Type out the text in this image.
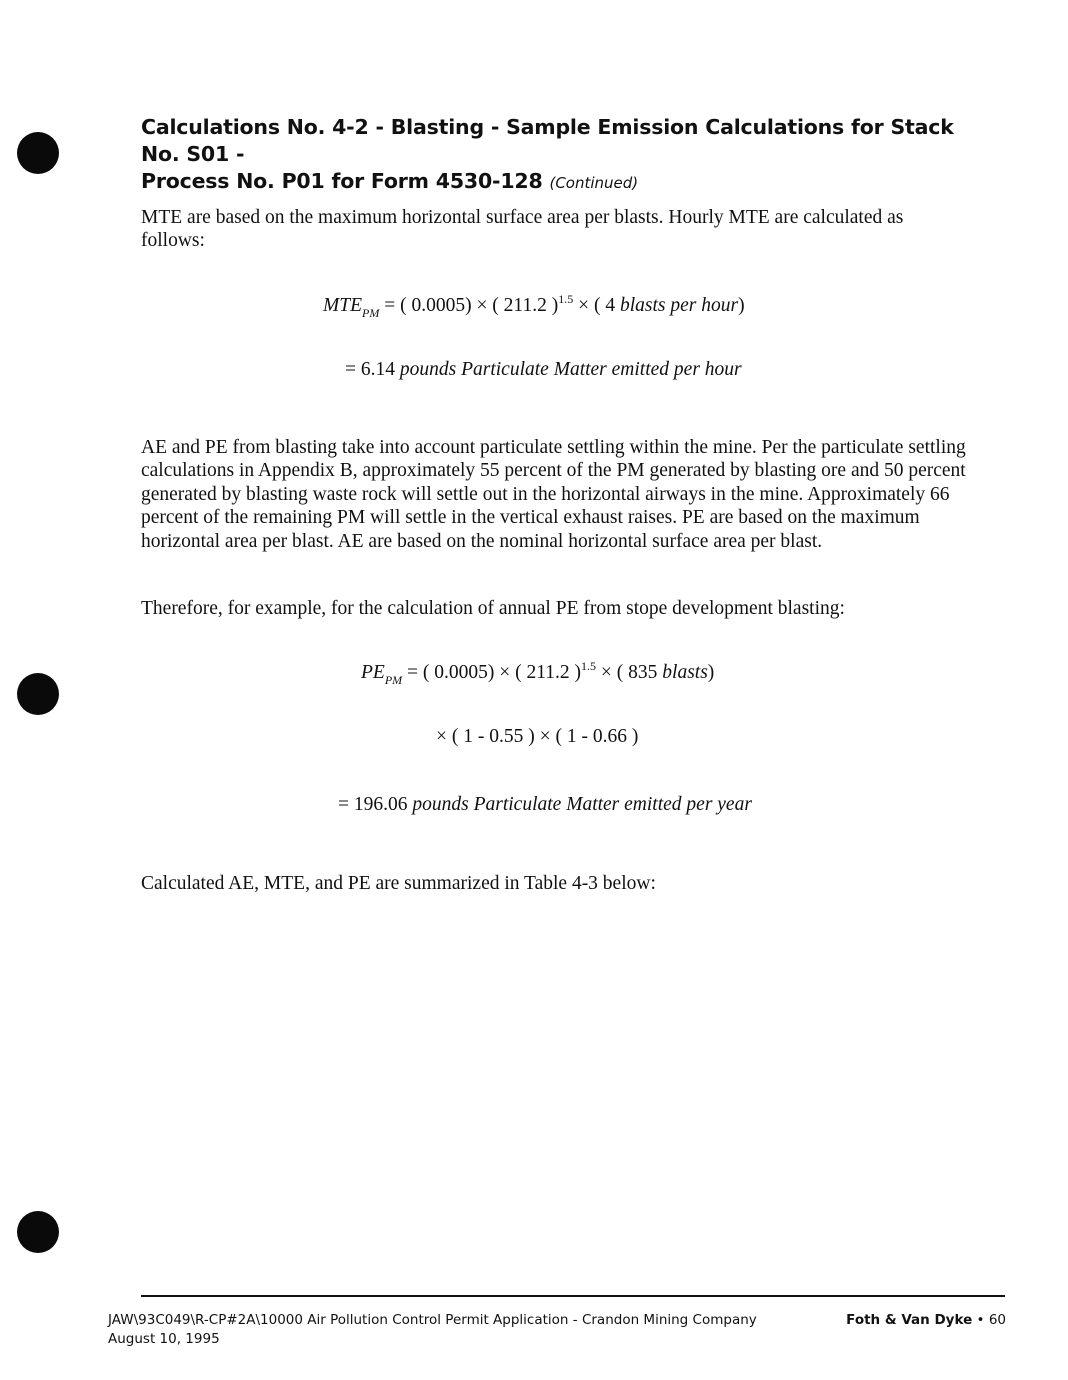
Calculations No. 4-2 - Blasting - Sample Emission Calculations for Stack No. S01 -
Process No. P01 for Form 4530-128 (Continued)
MTE are based on the maximum horizontal surface area per blasts. Hourly MTE are calculated as follows:
$MTE_{PM}$ = ( 0.0005) × ( 211.2 )$^{1.5}$ × ( 4 blasts per hour)
= 6.14 pounds Particulate Matter emitted per hour
AE and PE from blasting take into account particulate settling within the mine. Per the particulate settling calculations in Appendix B, approximately 55 percent of the PM generated by blasting ore and 50 percent generated by blasting waste rock will settle out in the horizontal airways in the mine. Approximately 66 percent of the remaining PM will settle in the vertical exhaust raises. PE are based on the maximum horizontal area per blast. AE are based on the nominal horizontal surface area per blast.
Therefore, for example, for the calculation of annual PE from stope development blasting:
$PE_{PM}$ = ( 0.0005) × ( 211.2 )$^{1.5}$ × ( 835 blasts)
× ( 1 - 0.55 ) × ( 1 - 0.66 )
= 196.06 pounds Particulate Matter emitted per year
Calculated AE, MTE, and PE are summarized in Table 4-3 below:
JAW\93C049\R-CP#2A\10000 Air Pollution Control Permit Application - Crandon Mining Company
August 10, 1995
Foth & Van Dyke • 60
